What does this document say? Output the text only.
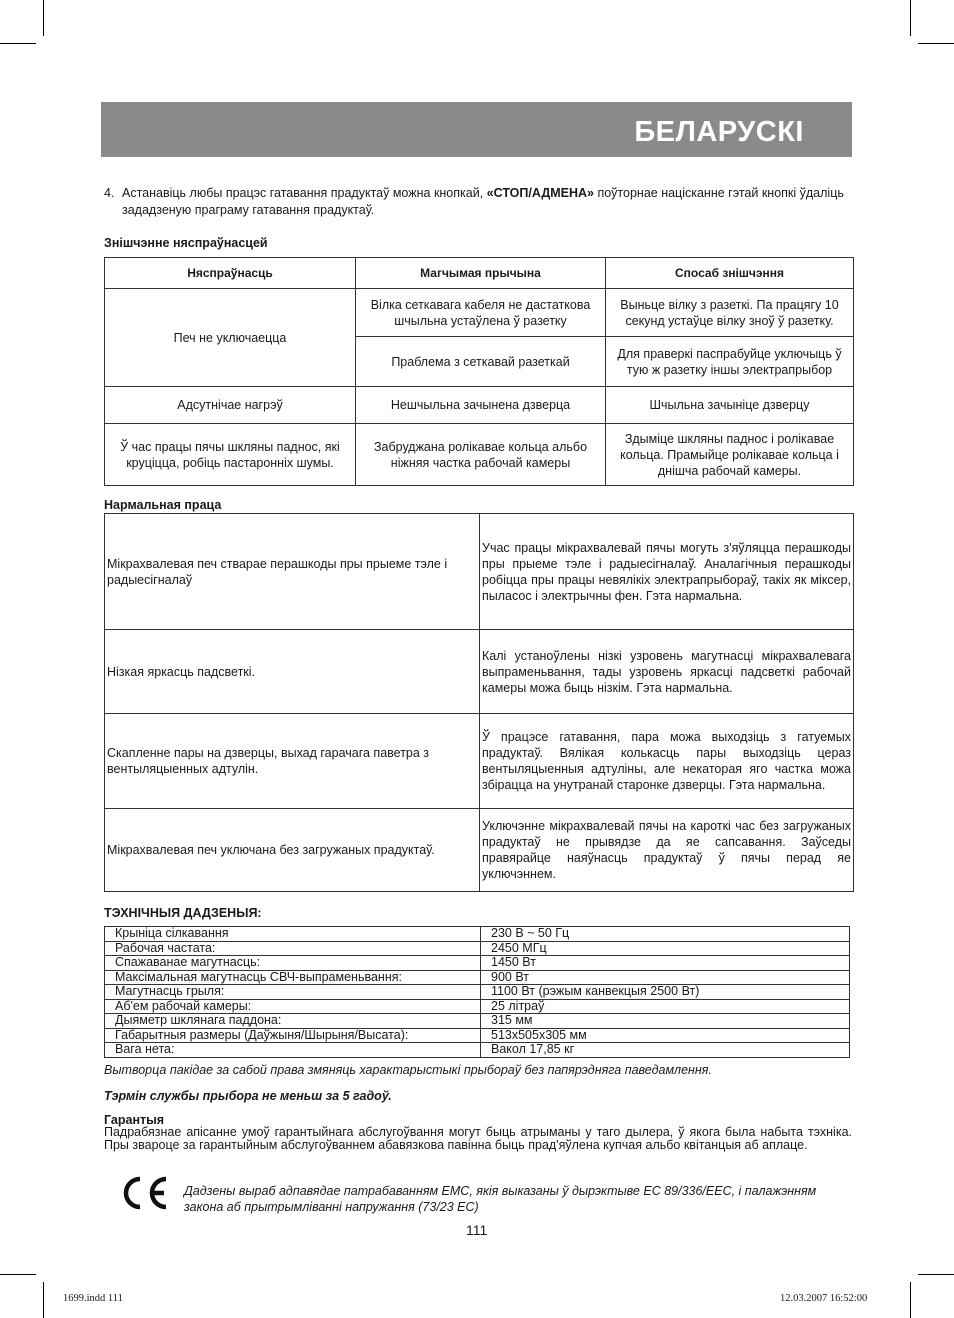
БЕЛАРУСКІ
4. Астанавіць любы працэс гатавання прадуктаў можна кнопкай, «СТОП/АДМЕНА» поўторнае націсканне гэтай кнопкі ўдаліць зададзеную праграму гатавання прадуктаў.
Знішчэнне няспраўнасцей
Няспраўнасць	Магчымая прычына	Спосаб знішчэння
Печ не уключаецца	Вілка сеткавага кабеля не дастаткова шчыльна устаўлена ў разетку	Выньце вілку з разеткі. Па працягу 10 секунд устаўце вілку зноў ў разетку.
	Праблема з сеткавай разеткай	Для праверкі паспрабуйце уключыць ў тую ж разетку іншы электрапрыбор
Адсутнічае нагрэў	Нешчыльна зачынена дзверца	Шчыльна зачыніце дзверцу
Ў час працы пячы шкляны паднос, які круціцца, робіць пастаронніх шумы.	Забруджана ролікавае кольца альбо ніжняя частка рабочай камеры	Здыміце шкляны паднос і ролікавае кольца. Прамыйце ролікавае кольца і днішча рабочай камеры.
Нармальная праца
Мікрахвалевая печ ствараe перашкоды пры прыеме тэле і радыесігналаў	Учас працы мікрахвалевай пячы могуть з'яўляцца перашкоды пры прыеме тэле і радыесігналаў. Аналагічныя перашкоды робіцца пры працы невялікіх электрапрыбораў, такіх як міксер, пыласос і электрычны фен. Гэта нармальна.
Нізкая яркасць падсветкі.	Калі устаноўлены нізкі узровень магутнасці мікрахвалевага выпраменьвання, тады узровень яркасці падсветкі рабочай камеры можа быць нізкім. Гэта нармальна.
Скапленне пары на дзверцы, выхад гарачага паветра з вентыляцыенных адтулін.	Ў працэсе гатавання, пара можа выходзіць з гатуемых прадуктаў. Вялікая колькасць пары выходзіць цераз вентыляцыенныя адтуліны, але некаторая яго частка можа збірацца на унутранай старонке дзверцы. Гэта нармальна.
Мікрахвалевая печ уключана без загружаных прадуктаў.	Уключэнне мікрахвалевай пячы на кароткі час без загружаных прадуктаў не прывядзе да яе сапсавання. Заўседы правярайце наяўнасць прадуктаў ў пячы перад яе уключэннем.
ТЭХНІЧНЫЯ ДАДЗЕНЫЯ:
Крыніца сілкавання	230 В ~ 50 Гц
Рабочая частата:	2450 МГц
Спажаванае магутнасць:	1450 Вт
Максімальная магутнасць СВЧ-выпраменьвання:	900 Вт
Магутнасць грыля:	1100 Вт (рэжым канвекцыя 2500 Вт)
Аб'ем рабочай камеры:	25 літраў
Дыяметр шклянага паддона:	315 мм
Габарытныя размеры (Даўжыня/Шырыня/Высата):	513x505x305 мм
Вага нета:	Вакол 17,85 кг
Вытворца пакідае за сабой права змяняць характарыстыкі прыбораў без папярэдняга паведамлення.
Тэрмін службы прыбора не меньш за 5 гадоў.
Гарантыя
Падрабязнае апісанне умоў гарантыйнага абслугоўвання могут быць атрыманы у таго дылера, ў якога была набыта тэхніка. Пры звароце за гарантыйным абслугоўваннем абавязкова павінна быць прад'яўлена купчая альбо квітанцыя аб аплаце.
Дадзены выраб адпавядае патрабаванням ЕМС, якія выказаны ў дырэктыве ЕС 89/336/ЕЕС, і палажэнням закона аб прытрымліванні напружання (73/23 ЕС)
111
1699.indd 111	12.03.2007 16:52:00
